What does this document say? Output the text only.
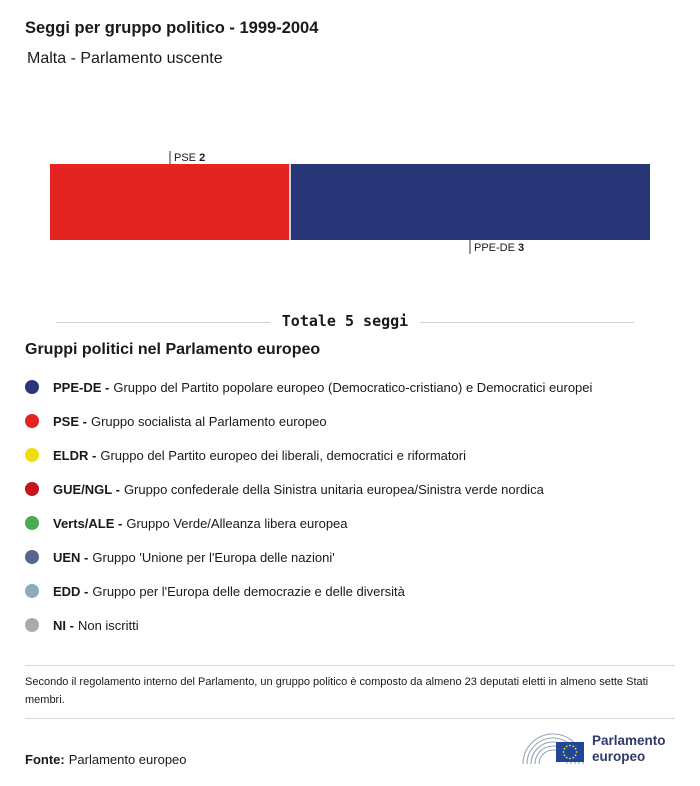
Seggi per gruppo politico - 1999-2004
Malta - Parlamento uscente
PSE 2
PPE-DE 3
Totale 5 seggi
Gruppi politici nel Parlamento europeo
PPE-DE - Gruppo del Partito popolare europeo (Democratico-cristiano) e Democratici europei
PSE - Gruppo socialista al Parlamento europeo
ELDR - Gruppo del Partito europeo dei liberali, democratici e riformatori
GUE/NGL - Gruppo confederale della Sinistra unitaria europea/Sinistra verde nordica
Verts/ALE - Gruppo Verde/Alleanza libera europea
UEN - Gruppo 'Unione per l'Europa delle nazioni'
EDD - Gruppo per l'Europa delle democrazie e delle diversità
NI - Non iscritti
Secondo il regolamento interno del Parlamento, un gruppo politico è composto da almeno 23 deputati eletti in almeno sette Stati membri.
Fonte: Parlamento europeo
Parlamento
europeo
